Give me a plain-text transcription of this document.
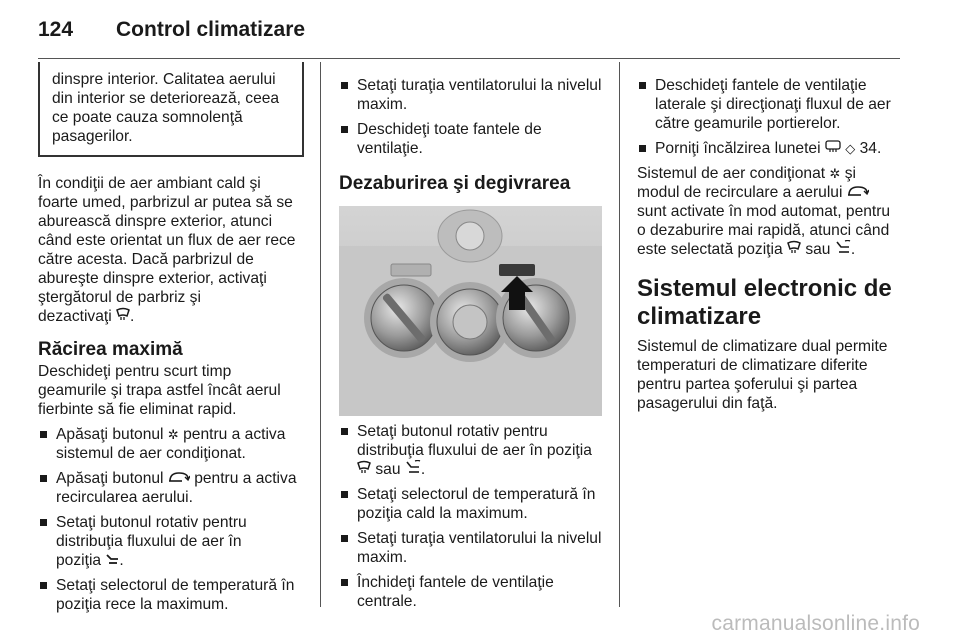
124 Control climatizare

dinspre interior. Calitatea aerului

din interior se deteriorează, ceea

ce poate cauza somnolenţă

pasagerilor.

În condiţii de aer ambiant cald şi

foarte umed, parbrizul ar putea să se

aburească dinspre exterior, atunci

când este orientat un flux de aer rece

către acesta. Dacă parbrizul de

abureşte dinspre exterior, activaţi

ştergătorul de parbriz şi

dezactivaţi .

Răcirea maximă

Deschideţi pentru scurt timp

geamurile şi trapa astfel încât aerul

fierbinte să fie eliminat rapid.

Apăsaţi butonul ✲ pentru a activa
sistemul de aer condiţionat.
Apăsaţi butonul pentru a activa
recircularea aerului.
Setaţi butonul rotativ pentru
distribuţia fluxului de aer în
poziţia .
Setaţi selectorul de temperatură în
poziţia rece la maximum.
Setaţi turaţia ventilatorului la nivelul
maxim.
Deschideţi toate fantele de
ventilaţie.
Dezaburirea şi degivrarea
Setaţi butonul rotativ pentru
distribuţia fluxului de aer în poziţia
sau .
Setaţi selectorul de temperatură în
poziţia cald la maximum.
Setaţi turaţia ventilatorului la nivelul
maxim.
Închideţi fantele de ventilaţie
centrale.
Deschideţi fantele de ventilaţie
laterale şi direcţionaţi fluxul de aer
către geamurile portierelor.
Porniţi încălzirea lunetei ◇ 34.

Sistemul de aer condiţionat ✲ şi

modul de recirculare a aerului

sunt activate în mod automat, pentru

o dezaburire mai rapidă, atunci când

este selectată poziţia sau .

Sistemul electronic de
climatizare

Sistemul de climatizare dual permite

temperaturi de climatizare diferite

pentru partea şoferului şi partea

pasagerului din faţă.

carmanualsonline.info
